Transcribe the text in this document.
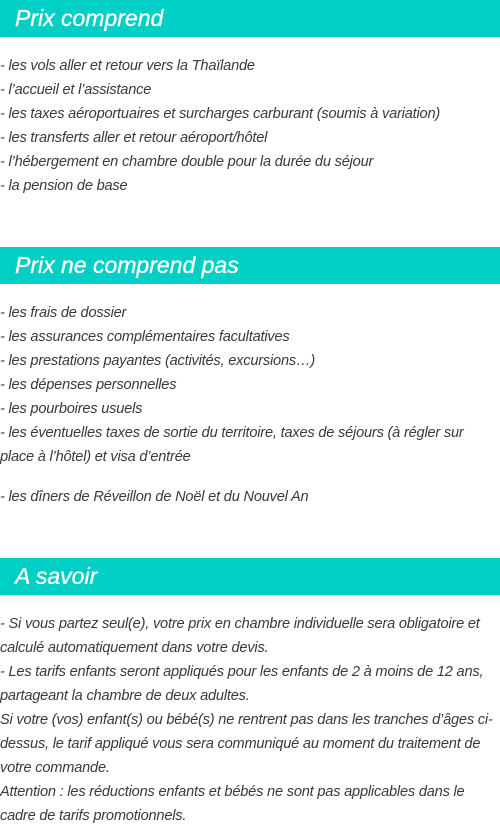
Prix comprend
- les vols aller et retour vers la Thaïlande
- l’accueil et l’assistance
- les taxes aéroportuaires et surcharges carburant (soumis à variation)
- les transferts aller et retour aéroport/hôtel
- l’hébergement en chambre double pour la durée du séjour
- la pension de base
Prix ne comprend pas
- les frais de dossier
- les assurances complémentaires facultatives
- les prestations payantes (activités, excursions…)
- les dépenses personnelles
- les pourboires usuels
- les éventuelles taxes de sortie du territoire, taxes de séjours (à régler sur place à l’hôtel) et visa d’entrée
- les dîners de Réveillon de Noël et du Nouvel An
A savoir
- Si vous partez seul(e), votre prix en chambre individuelle sera obligatoire et calculé automatiquement dans votre devis.
- Les tarifs enfants seront appliqués pour les enfants de 2 à moins de 12 ans, partageant la chambre de deux adultes.
Si votre (vos) enfant(s) ou bébé(s) ne rentrent pas dans les tranches d’âges ci-dessus, le tarif appliqué vous sera communiqué au moment du traitement de votre commande.
Attention : les réductions enfants et bébés ne sont pas applicables dans le cadre de tarifs promotionnels.
